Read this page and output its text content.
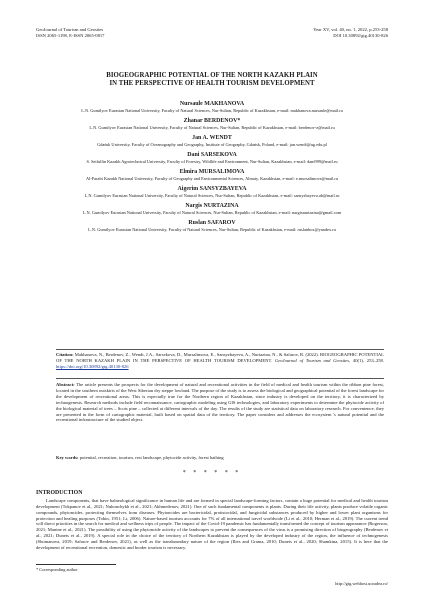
GeoJournal of Tourism and Geosites
ISSN 2065-1198, E-ISSN 2065-0817
Year XV, vol. 40, no. 1, 2022, p.253-258
DOI 10.30892/gtg.40130-826
BIOGEOGRAPHIC POTENTIAL OF THE NORTH KAZAKH PLAIN
IN THE PERSPECTIVE OF HEALTH TOURISM DEVELOPMENT
Nursaule MAKHANOVA
L.N. Gumilyov Eurasian National University, Faculty of Natural Sciences, Nur-Sultan, Republic of Kazakhstan, e-mail: makhanova.nursaule@mail.ru
Zhanar BERDENOV*
L.N. Gumilyov Eurasian National University, Faculty of Natural Sciences, Nur-Sultan, Republic of Kazakhstan, e-mail: berdenov-z@mail.ru
Jan A. WENDT
Gdańsk University, Faculty of Oceanography and Geography, Institute of Geography, Gdańsk, Poland, e-mail: jan.wendt@ug.edu.pl
Dani SARSEKOVA
S. Seifullin Kazakh Agrotechnical University, Faculty of Forestry, Wildlife and Environment, Nur-Sultan, Kazakhstan, e-mail: dani999@mail.ru
Elmira MURSALIMOVA
Al-Farabi Kazakh National University, Faculty of Geography and Environmental Sciences, Almaty, Kazakhstan, e-mail: e.mursalimova@mail.ru
Aigerim SANSYZBAYEVA
L.N. Gumilyov Eurasian National University, Faculty of Natural Sciences, Nur-Sultan, Republic of Kazakhstan, e-mail: sansyzbayeva.ab@mail.ru
Nargis NURTAZINA
L.N. Gumilyov Eurasian National University, Faculty of Natural Sciences, Nur-Sultan, Republic of Kazakhstan, e-mail: nargisnurtazina@gmail.com
Ruslan SAFAROV
L.N. Gumilyov Eurasian National University, Faculty of Natural Sciences, Nur-Sultan, Republic of Kazakhstan, e-mail: ruslanbox@yandex.ru
Citation: Makhanova, N., Berdenov, Z., Wendt, J.A., Sarsekova, D., Mursalimova, E., Sansyzbayeva, A., Nurtazina, N., & Safarov, R. (2022). BIOGEOGRAPHIC POTENTIAL OF THE NORTH KAZAKH PLAIN IN THE PERSPECTIVE OF HEALTH TOURISM DEVELOPMENT. GeoJournal of Tourism and Geosites, 40(1), 253–258. https://doi.org/10.30892/gtg.40130-826
Abstract: The article presents the prospects for the development of natural and recreational activities in the field of medical and health tourism within the ribbon pine forest, located in the southern outskirts of the West Siberian dry steppe lowland. The purpose of the study is to assess the biological and geographical potential of the forest landscape for the development of recreational areas. This is especially true for the Northern region of Kazakhstan, since industry is developed on the territory, it is characterized by technogenesis. Research methods include field reconnaissance, cartographic modeling using GIS technologies, and laboratory experiments to determine the phytocide activity of the biological material of trees – Scots pine – collected at different intervals of the day. The results of the study are statistical data on laboratory research. For convenience, they are presented in the form of cartographic material, built based on spatial data of the territory. The paper considers and addresses the ecosystem 's natural potential and the recreational infrastructure of the studied object.
Key words: potential, recreation, tourism, rest landscape, phytocide activity, forest bathing
* * * * * *
INTRODUCTION
Landscape components, that have balneological significance in human life and are formed in special landscape-forming factors, contain a huge potential for medical and health tourism development (Tokpanov et al., 2021; Nuhonchykh et al., 2021; Akhmedenov, 2021). One of such fundamental components is plants. During their life activity, plants produce volatile organic compounds, phytoncides, protecting themselves from diseases. Phytoncides are bactericidal, protistocidal, and fungicidal substances produced by higher and lower plant organisms for protection and healing purposes (Tokin, 1951; Li, 2006). Nature-based tourism accounts for 7% of all international travel worldwide (Li et al., 2010; Herman et al., 2019). The current trend will direct priorities in the search for medical and wellness trips of people. The impact of the Covid-19 pandemic has fundamentally transformed the concept of tourism appearance (Rogerson, 2021; Manine et al., 2021). The possibility of using the phytoncide activity of the landscapes to prevent the consequences of the virus is a promising direction of biogeography (Berdenov et al., 2021; Dunets et al., 2019). A special role in the choice of the territory of Northern Kazakhstan is played by the developed industry of the region, the influence of technogenesis (Shomanova, 2019; Safarov and Berdenov, 2021), as well as the transboundary nature of the region (Ilies and Grama, 2010; Dunets et al., 2020; Shamkina, 2015). It is here that the development of recreational recreation, domestic and border tourism is necessary.
* Corresponding author
http://gtg.webhost.uoradea.ro/
